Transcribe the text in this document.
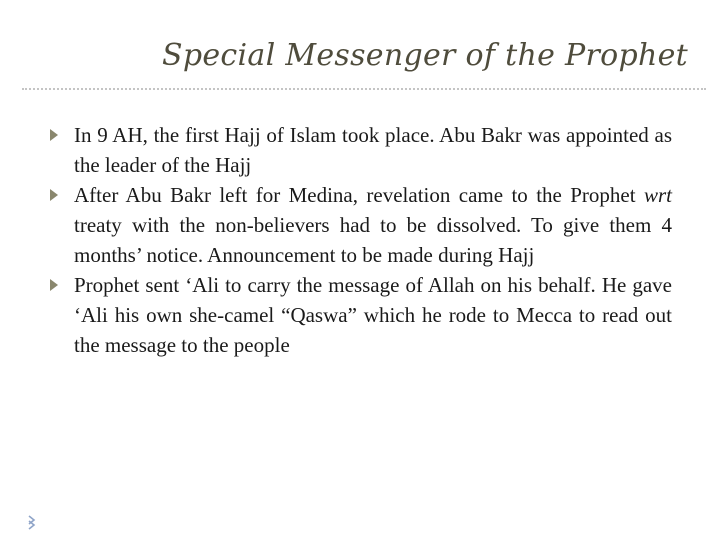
Special Messenger of the Prophet
In 9 AH, the first Hajj of Islam took place. Abu Bakr was appointed as the leader of the Hajj
After Abu Bakr left for Medina, revelation came to the Prophet wrt treaty with the non-believers had to be dissolved. To give them 4 months’ notice. Announcement to be made during Hajj
Prophet sent ‘Ali to carry the message of Allah on his behalf. He gave ‘Ali his own she-camel “Qaswa” which he rode to Mecca to read out the message to the people
